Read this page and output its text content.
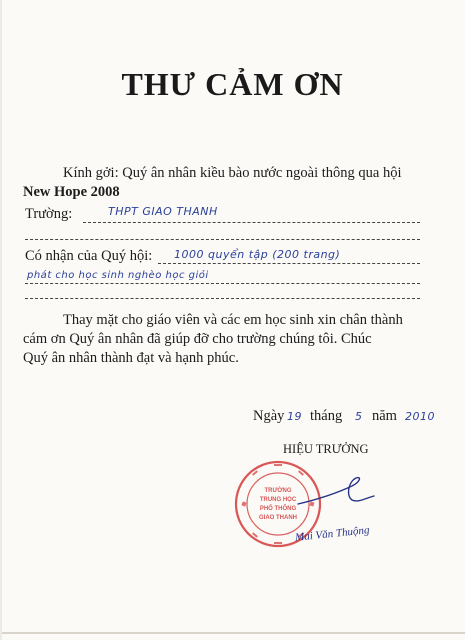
THƯ CẢM ƠN
Kính gởi: Quý ân nhân kiều bào nước ngoài thông qua hội
New Hope 2008
Trường:	THPT GIAO THANH
Có nhận của Quý hội: 1000 quyển tập (200 trang)
phát cho học sinh nghèo học giỏi
Thay mặt cho giáo viên và các em học sinh xin chân thành
cám ơn Quý ân nhân đã giúp đỡ cho trường chúng tôi. Chúc
Quý ân nhân thành đạt và hạnh phúc.
Ngày 19 tháng 5 năm 2010
HIỆU TRƯỞNG
TRƯỜNG
TRUNG HỌC
PHỔ THÔNG
GIAO THANH
Mai Văn Thuộng
